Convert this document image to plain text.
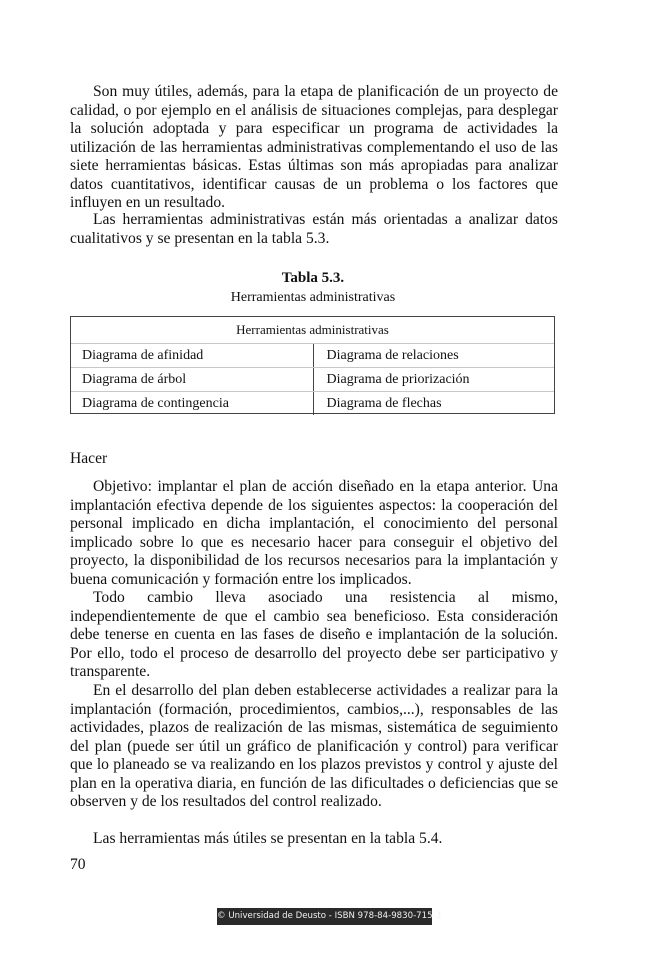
Son muy útiles, además, para la etapa de planificación de un proyecto de calidad, o por ejemplo en el análisis de situaciones complejas, para desplegar la solución adoptada y para especificar un programa de actividades la utilización de las herramientas administrativas complementando el uso de las siete herramientas básicas. Estas últimas son más apropiadas para analizar datos cuantitativos, identificar causas de un problema o los factores que influyen en un resultado.

Las herramientas administrativas están más orientadas a analizar datos cualitativos y se presentan en la tabla 5.3.

Tabla 5.3.

Herramientas administrativas

Herramientas administrativas
Diagrama de afinidad	Diagrama de relaciones
Diagrama de árbol	Diagrama de priorización
Diagrama de contingencia	Diagrama de flechas

Hacer

Objetivo: implantar el plan de acción diseñado en la etapa anterior. Una implantación efectiva depende de los siguientes aspectos: la cooperación del personal implicado en dicha implantación, el conocimiento del personal implicado sobre lo que es necesario hacer para conseguir el objetivo del proyecto, la disponibilidad de los recursos necesarios para la implantación y buena comunicación y formación entre los implicados.

Todo cambio lleva asociado una resistencia al mismo, independientemente de que el cambio sea beneficioso. Esta consideración debe tenerse en cuenta en las fases de diseño e implantación de la solución. Por ello, todo el proceso de desarrollo del proyecto debe ser participativo y transparente.

En el desarrollo del plan deben establecerse actividades a realizar para la implantación (formación, procedimientos, cambios,...), responsables de las actividades, plazos de realización de las mismas, sistemática de seguimiento del plan (puede ser útil un gráfico de planificación y control) para verificar que lo planeado se va realizando en los plazos previstos y control y ajuste del plan en la operativa diaria, en función de las dificultades o deficiencias que se observen y de los resultados del control realizado.

Las herramientas más útiles se presentan en la tabla 5.4.

70

© Universidad de Deusto - ISBN 978-84-9830-715-3
